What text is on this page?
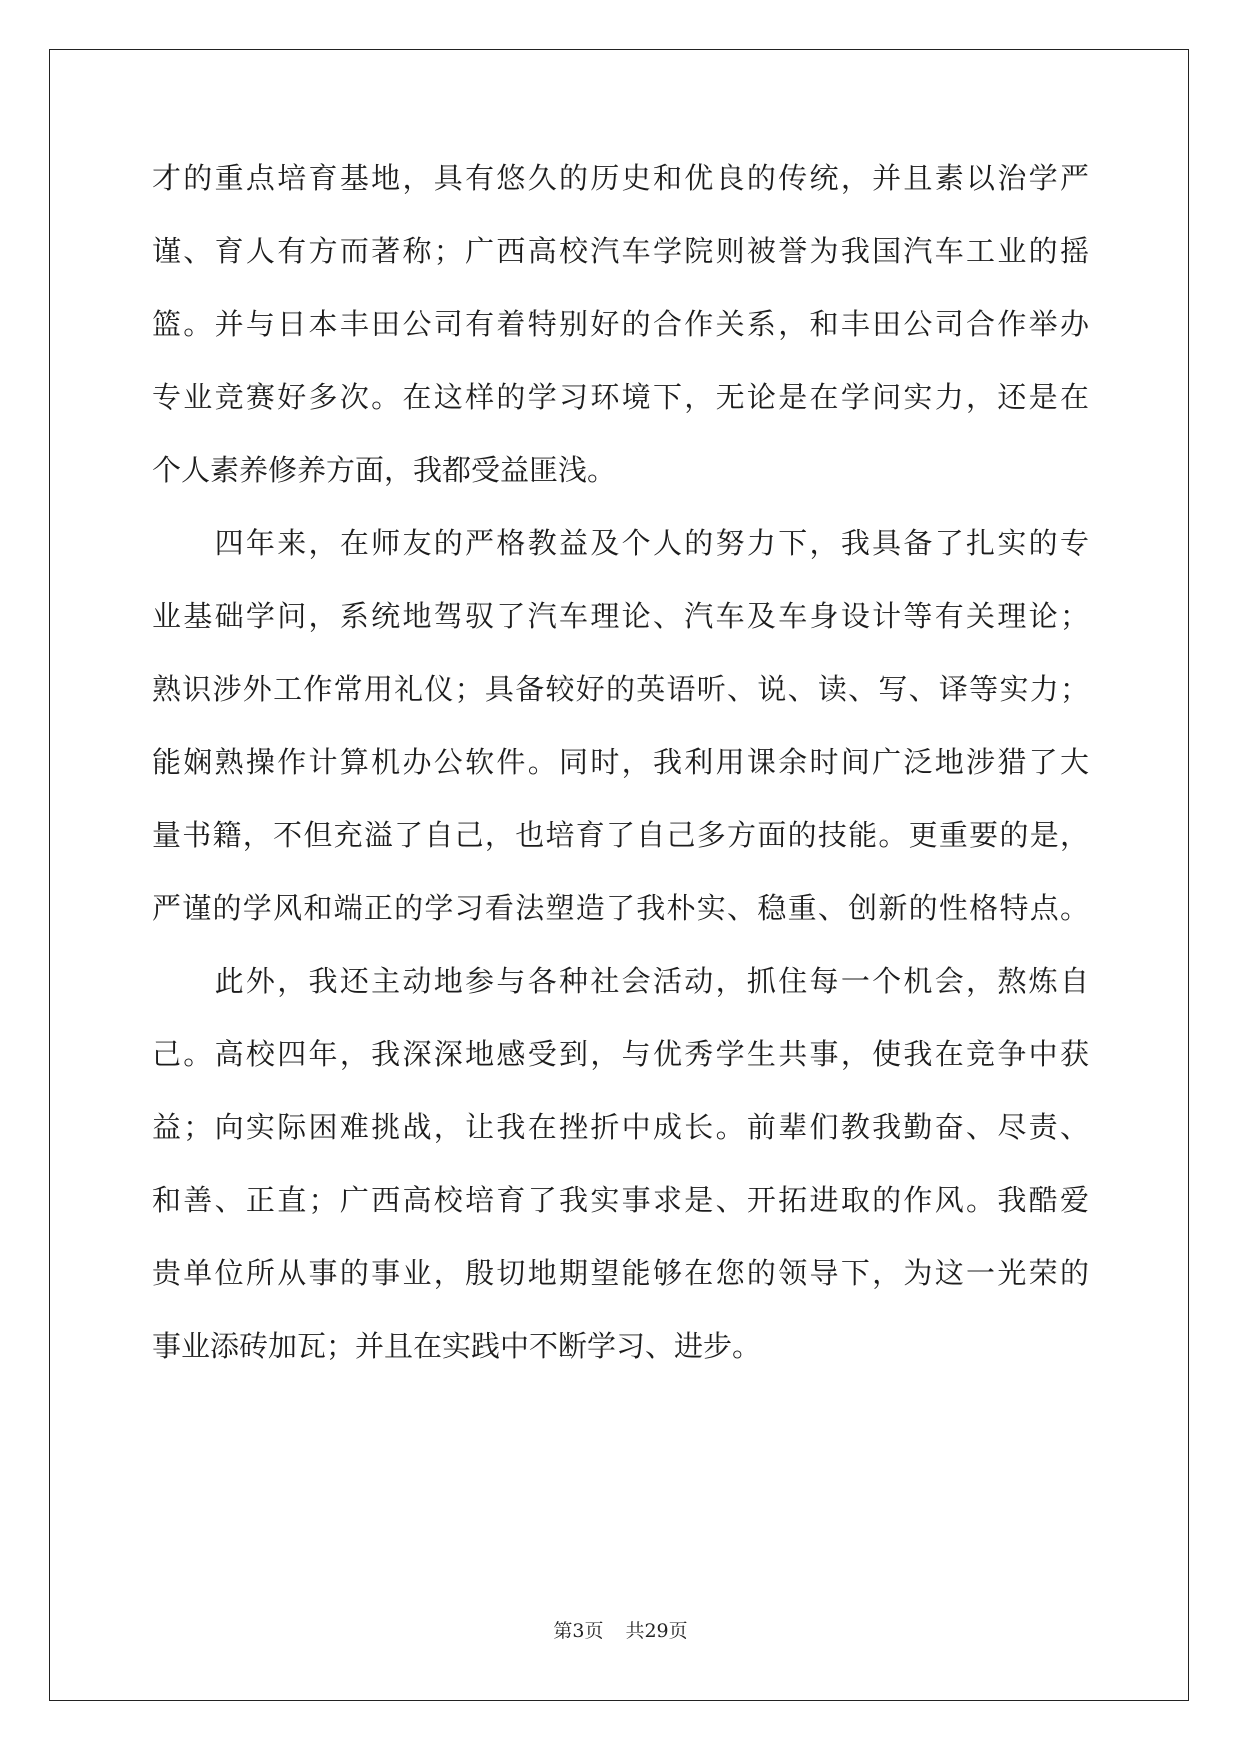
才的重点培育基地，具有悠久的历史和优良的传统，并且素以治学严
谨、育人有方而著称；广西高校汽车学院则被誉为我国汽车工业的摇
篮。并与日本丰田公司有着特别好的合作关系，和丰田公司合作举办
专业竞赛好多次。在这样的学习环境下，无论是在学问实力，还是在
个人素养修养方面，我都受益匪浅。
　　四年来，在师友的严格教益及个人的努力下，我具备了扎实的专
业基础学问，系统地驾驭了汽车理论、汽车及车身设计等有关理论；
熟识涉外工作常用礼仪；具备较好的英语听、说、读、写、译等实力；
能娴熟操作计算机办公软件。同时，我利用课余时间广泛地涉猎了大
量书籍，不但充溢了自己，也培育了自己多方面的技能。更重要的是，
严谨的学风和端正的学习看法塑造了我朴实、稳重、创新的性格特点。
　　此外，我还主动地参与各种社会活动，抓住每一个机会，熬炼自
己。高校四年，我深深地感受到，与优秀学生共事，使我在竞争中获
益；向实际困难挑战，让我在挫折中成长。前辈们教我勤奋、尽责、
和善、正直；广西高校培育了我实事求是、开拓进取的作风。我酷爱
贵单位所从事的事业，殷切地期望能够在您的领导下，为这一光荣的
事业添砖加瓦；并且在实践中不断学习、进步。
第3页 共29页
